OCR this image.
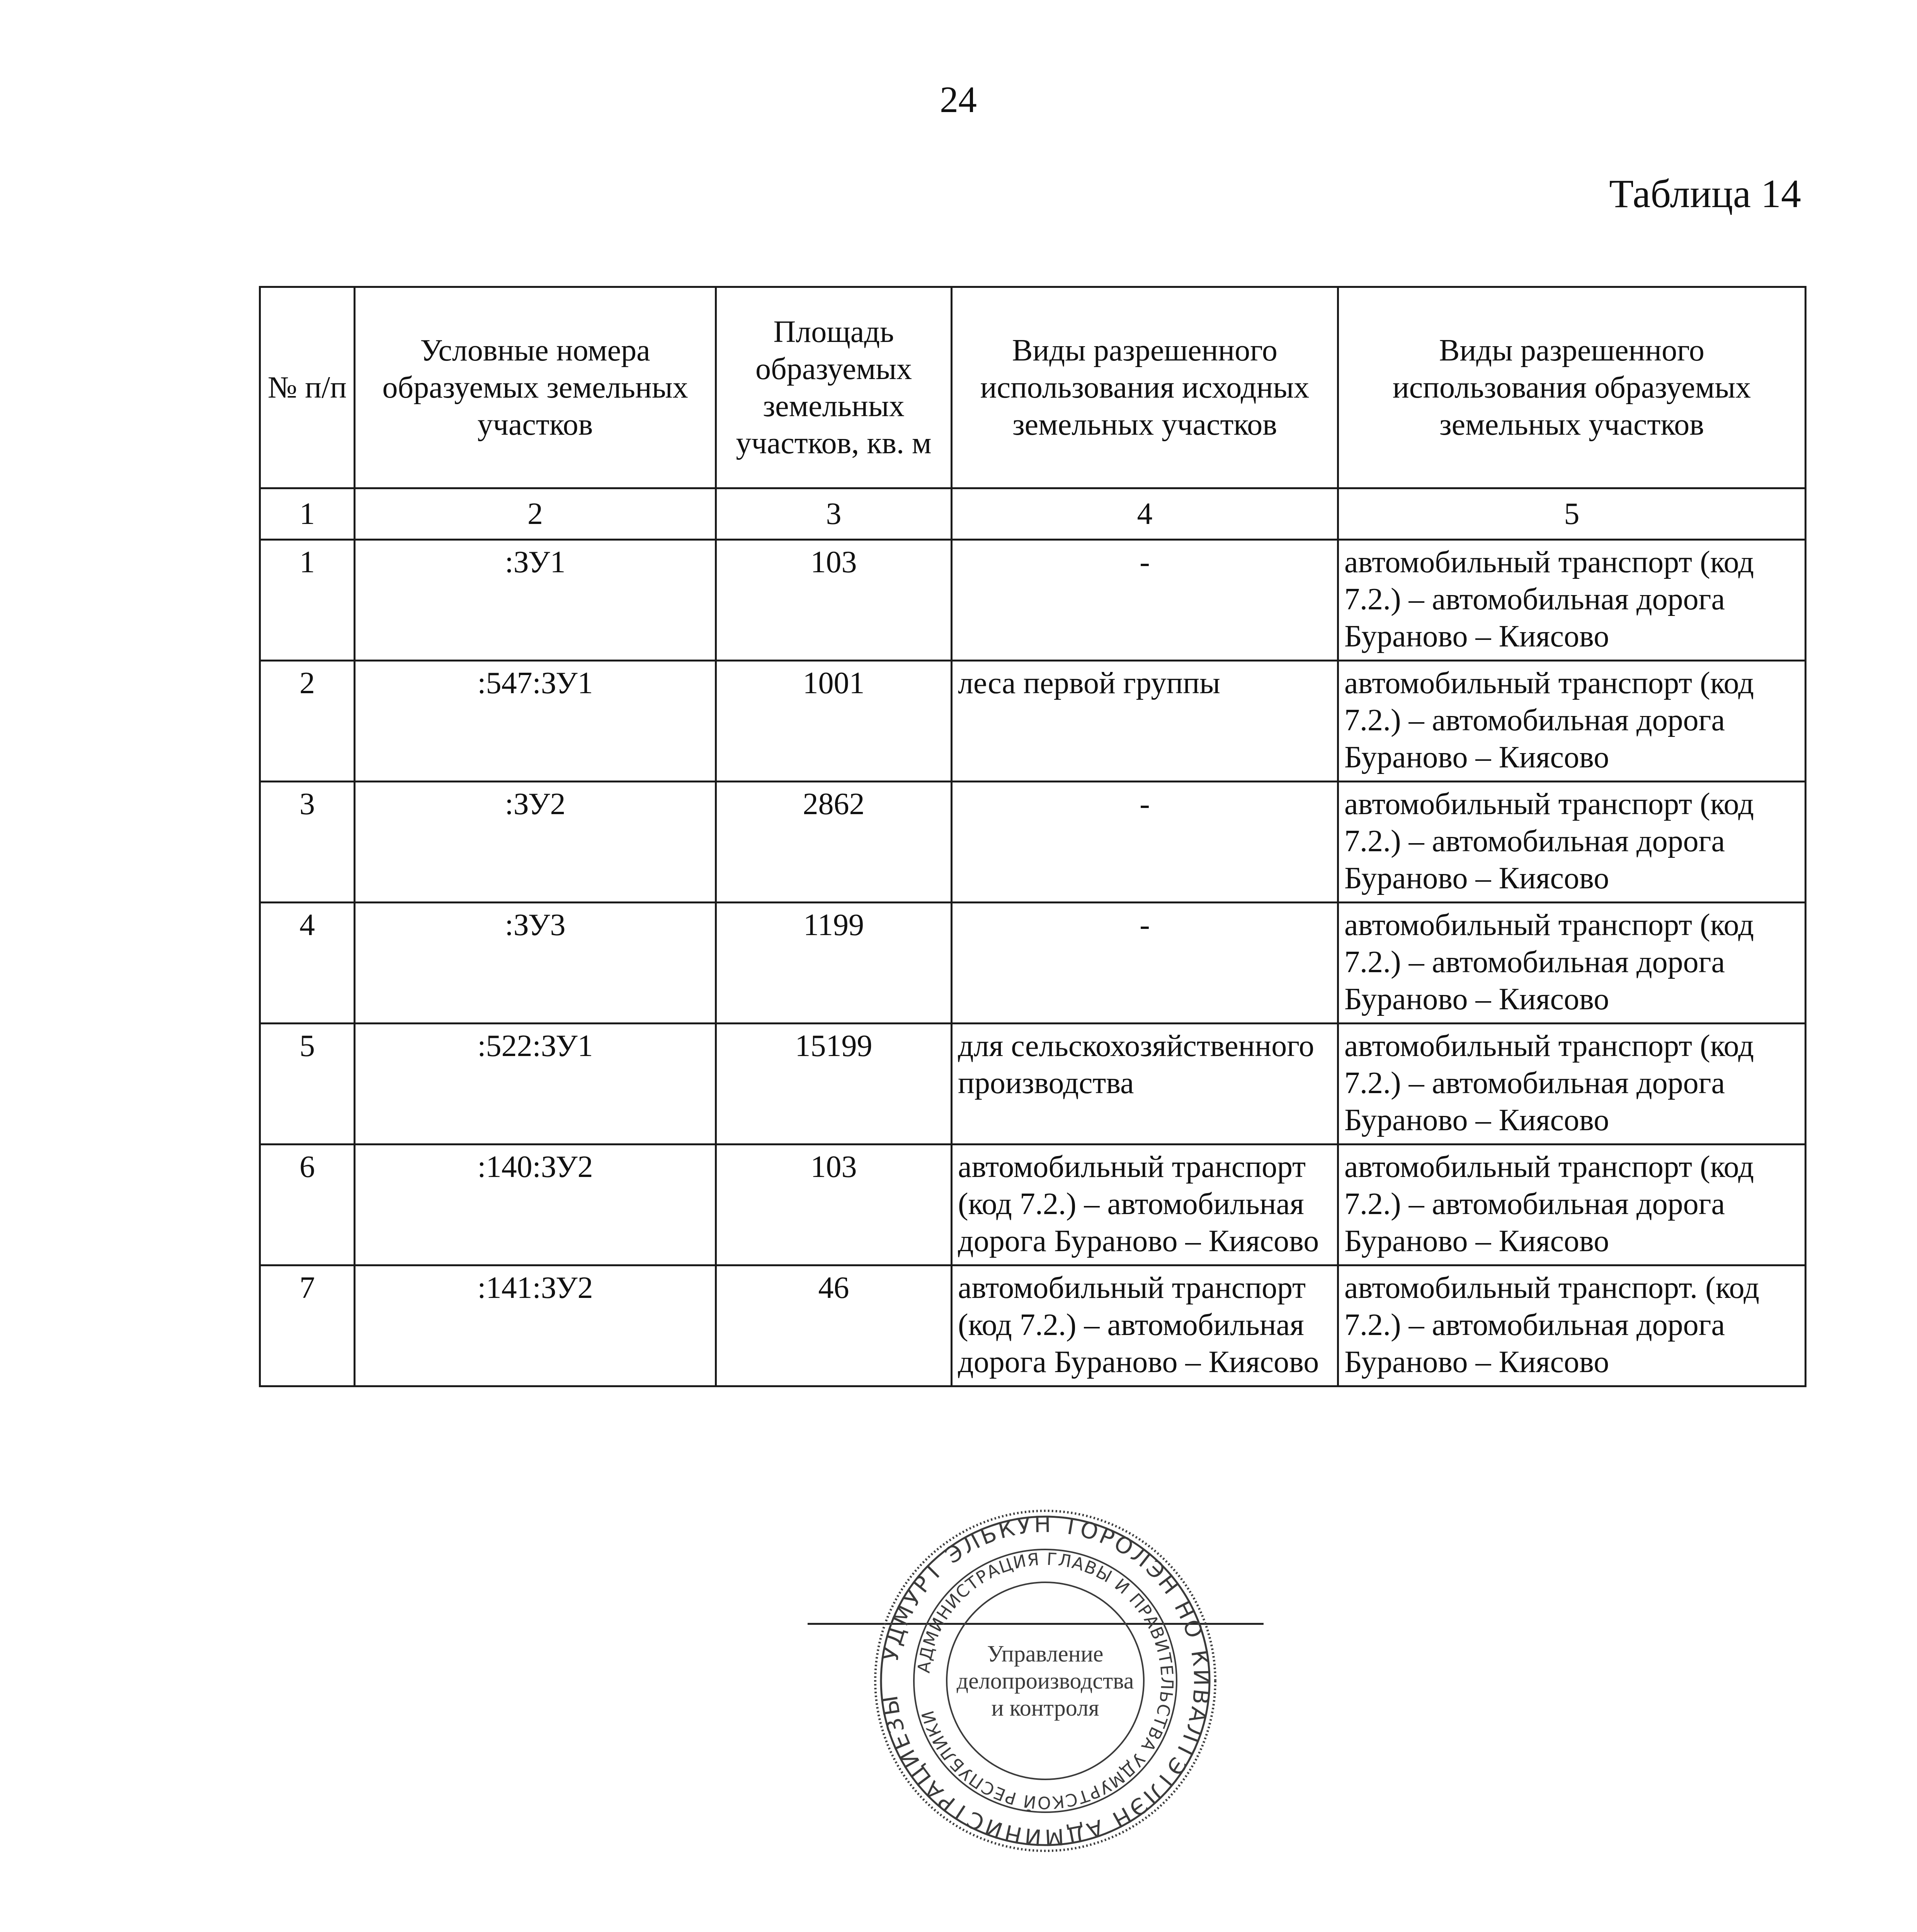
24
Таблица 14
№ п/п	Условные номера образуемых земельных участков	Площадь образуемых земельных участков, кв. м	Виды разрешенного использования исходных земельных участков	Виды разрешенного использования образуемых земельных участков
1	2	3	4	5
1	:ЗУ1	103	-	автомобильный транспорт (код 7.2.) – автомобильная дорога Бураново – Киясово
2	:547:ЗУ1	1001	леса первой группы	автомобильный транспорт (код 7.2.) – автомобильная дорога Бураново – Киясово
3	:ЗУ2	2862	-	автомобильный транспорт (код 7.2.) – автомобильная дорога Бураново – Киясово
4	:ЗУ3	1199	-	автомобильный транспорт (код 7.2.) – автомобильная дорога Бураново – Киясово
5	:522:ЗУ1	15199	для сельскохозяйственного производства	автомобильный транспорт (код 7.2.) – автомобильная дорога Бураново – Киясово
6	:140:ЗУ2	103	автомобильный транспорт (код 7.2.) – автомобильная дорога Бураново – Киясово	автомобильный транспорт (код 7.2.) – автомобильная дорога Бураново – Киясово
7	:141:ЗУ2	46	автомобильный транспорт (код 7.2.) – автомобильная дорога Бураново – Киясово	автомобильный транспорт. (код 7.2.) – автомобильная дорога Бураново – Киясово
УДМУРТ ЭЛЬКУН ТОРОЛЭН НО КИВАЛТЭТЛЭН АДМИНИСТРАЦИЕЗЫ
АДМИНИСТРАЦИЯ ГЛАВЫ И ПРАВИТЕЛЬСТВА УДМУРТСКОЙ РЕСПУБЛИКИ
Управление
делопроизводства
и контроля
